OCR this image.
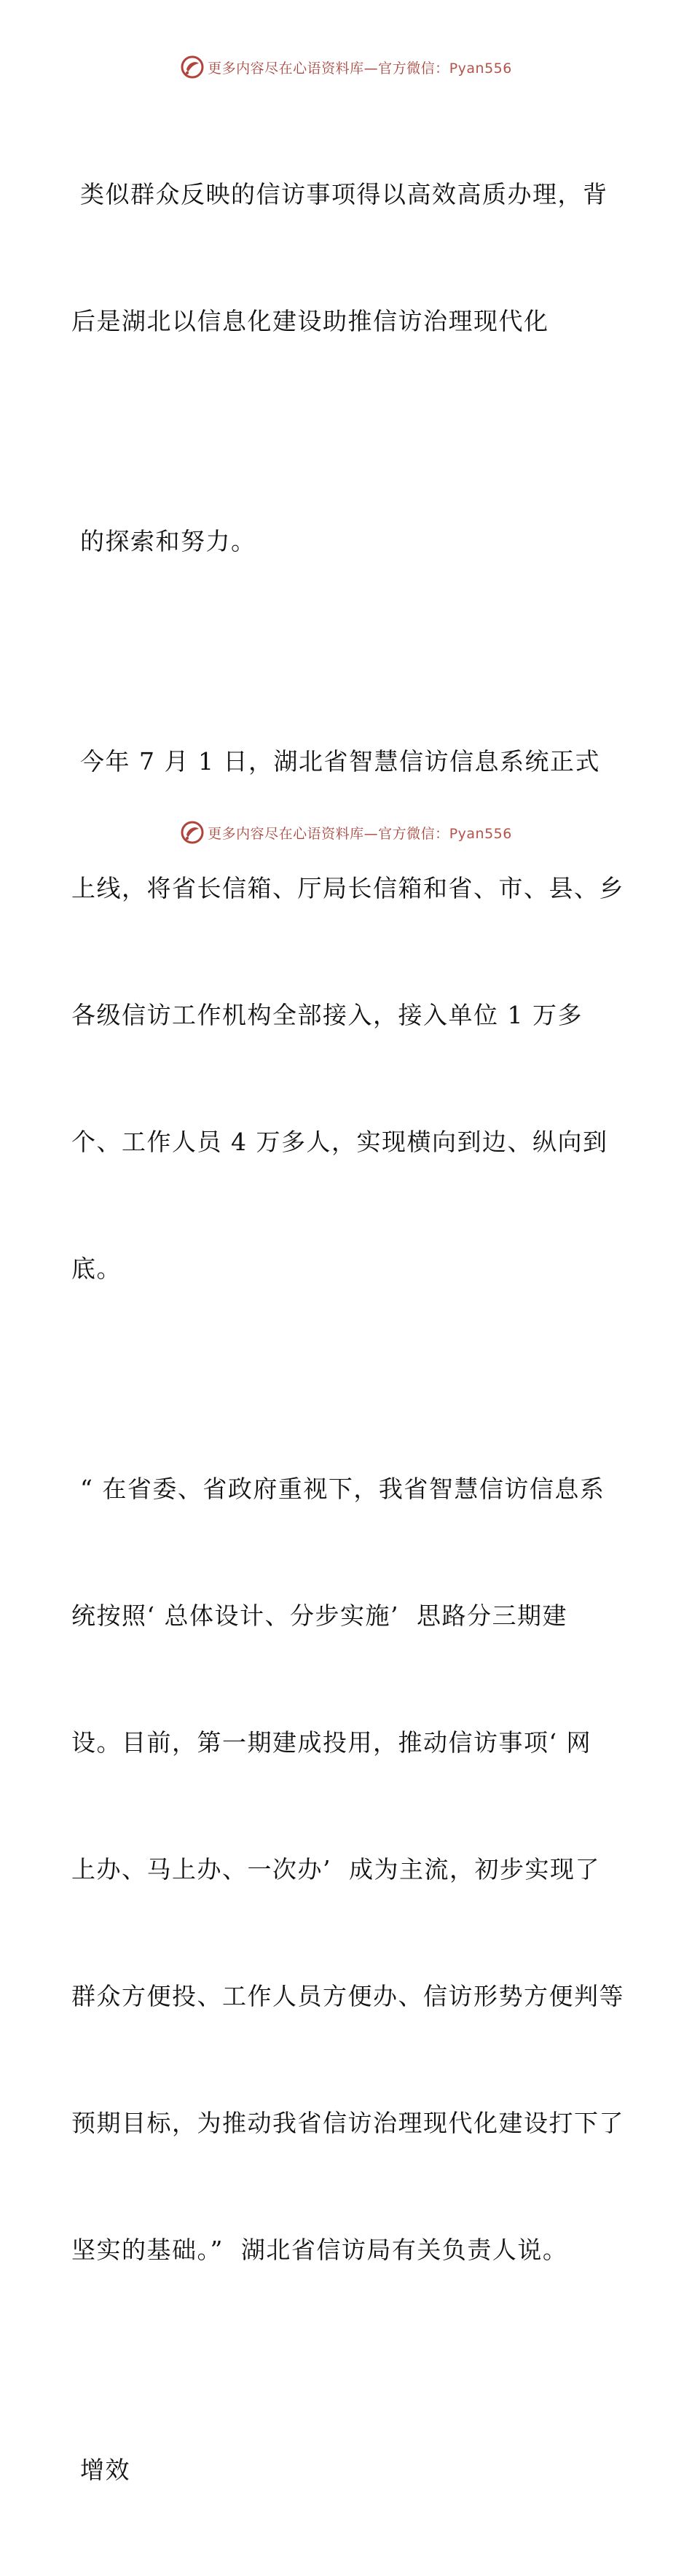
更多内容尽在心语资料库—官方微信：Pyan556

类似群众反映的信访事项得以高效高质办理，背

后是湖北以信息化建设助推信访治理现代化

的探索和努力。

今年 7 月 1 日，湖北省智慧信访信息系统正式

上线，将省长信箱、厅局长信箱和省、市、县、乡

各级信访工作机构全部接入，接入单位 1 万多

个、工作人员 4 万多人，实现横向到边、纵向到

底。

“ 在省委、省政府重视下，我省智慧信访信息系

统按照‘ 总体设计、分步实施’  思路分三期建

设。目前，第一期建成投用，推动信访事项‘ 网

上办、马上办、一次办’  成为主流，初步实现了

群众方便投、工作人员方便办、信访形势方便判等

预期目标，为推动我省信访治理现代化建设打下了

坚实的基础。”  湖北省信访局有关负责人说。

增效

更多内容尽在心语资料库—官方微信：Pyan556
